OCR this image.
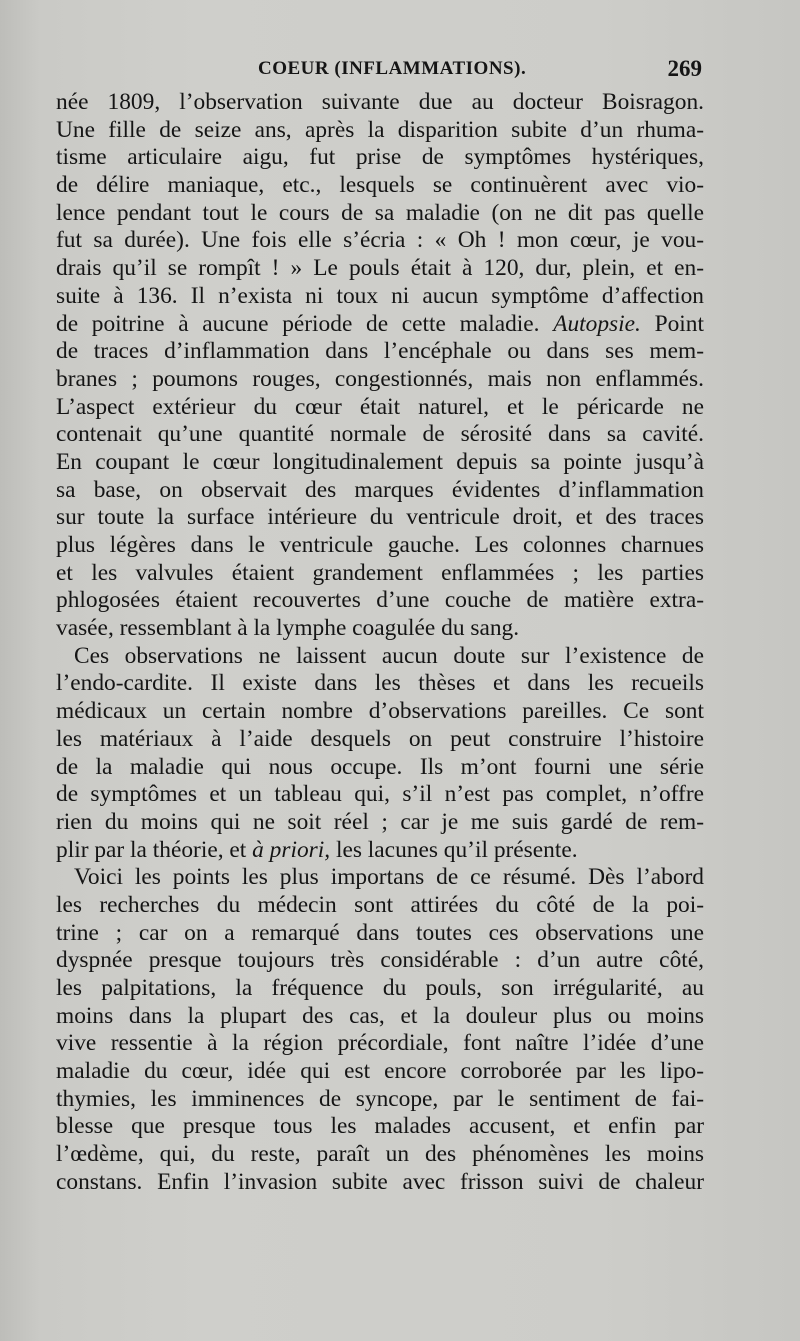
COEUR (INFLAMMATIONS).	269
née 1809, l’observation suivante due au docteur Boisragon.
Une fille de seize ans, après la disparition subite d’un rhuma-
tisme articulaire aigu, fut prise de symptômes hystériques,
de délire maniaque, etc., lesquels se continuèrent avec vio-
lence pendant tout le cours de sa maladie (on ne dit pas quelle
fut sa durée). Une fois elle s’écria : « Oh ! mon cœur, je vou-
drais qu’il se rompît ! » Le pouls était à 120, dur, plein, et en-
suite à 136. Il n’exista ni toux ni aucun symptôme d’affection
de poitrine à aucune période de cette maladie. Autopsie. Point
de traces d’inflammation dans l’encéphale ou dans ses mem-
branes ; poumons rouges, congestionnés, mais non enflammés.
L’aspect extérieur du cœur était naturel, et le péricarde ne
contenait qu’une quantité normale de sérosité dans sa cavité.
En coupant le cœur longitudinalement depuis sa pointe jusqu’à
sa base, on observait des marques évidentes d’inflammation
sur toute la surface intérieure du ventricule droit, et des traces
plus légères dans le ventricule gauche. Les colonnes charnues
et les valvules étaient grandement enflammées ; les parties
phlogosées étaient recouvertes d’une couche de matière extra-
vasée, ressemblant à la lymphe coagulée du sang.
Ces observations ne laissent aucun doute sur l’existence de
l’endo-cardite. Il existe dans les thèses et dans les recueils
médicaux un certain nombre d’observations pareilles. Ce sont
les matériaux à l’aide desquels on peut construire l’histoire
de la maladie qui nous occupe. Ils m’ont fourni une série
de symptômes et un tableau qui, s’il n’est pas complet, n’offre
rien du moins qui ne soit réel ; car je me suis gardé de rem-
plir par la théorie, et à priori, les lacunes qu’il présente.
Voici les points les plus importans de ce résumé. Dès l’abord
les recherches du médecin sont attirées du côté de la poi-
trine ; car on a remarqué dans toutes ces observations une
dyspnée presque toujours très considérable : d’un autre côté,
les palpitations, la fréquence du pouls, son irrégularité, au
moins dans la plupart des cas, et la douleur plus ou moins
vive ressentie à la région précordiale, font naître l’idée d’une
maladie du cœur, idée qui est encore corroborée par les lipo-
thymies, les imminences de syncope, par le sentiment de fai-
blesse que presque tous les malades accusent, et enfin par
l’œdème, qui, du reste, paraît un des phénomènes les moins
constans. Enfin l’invasion subite avec frisson suivi de chaleur
